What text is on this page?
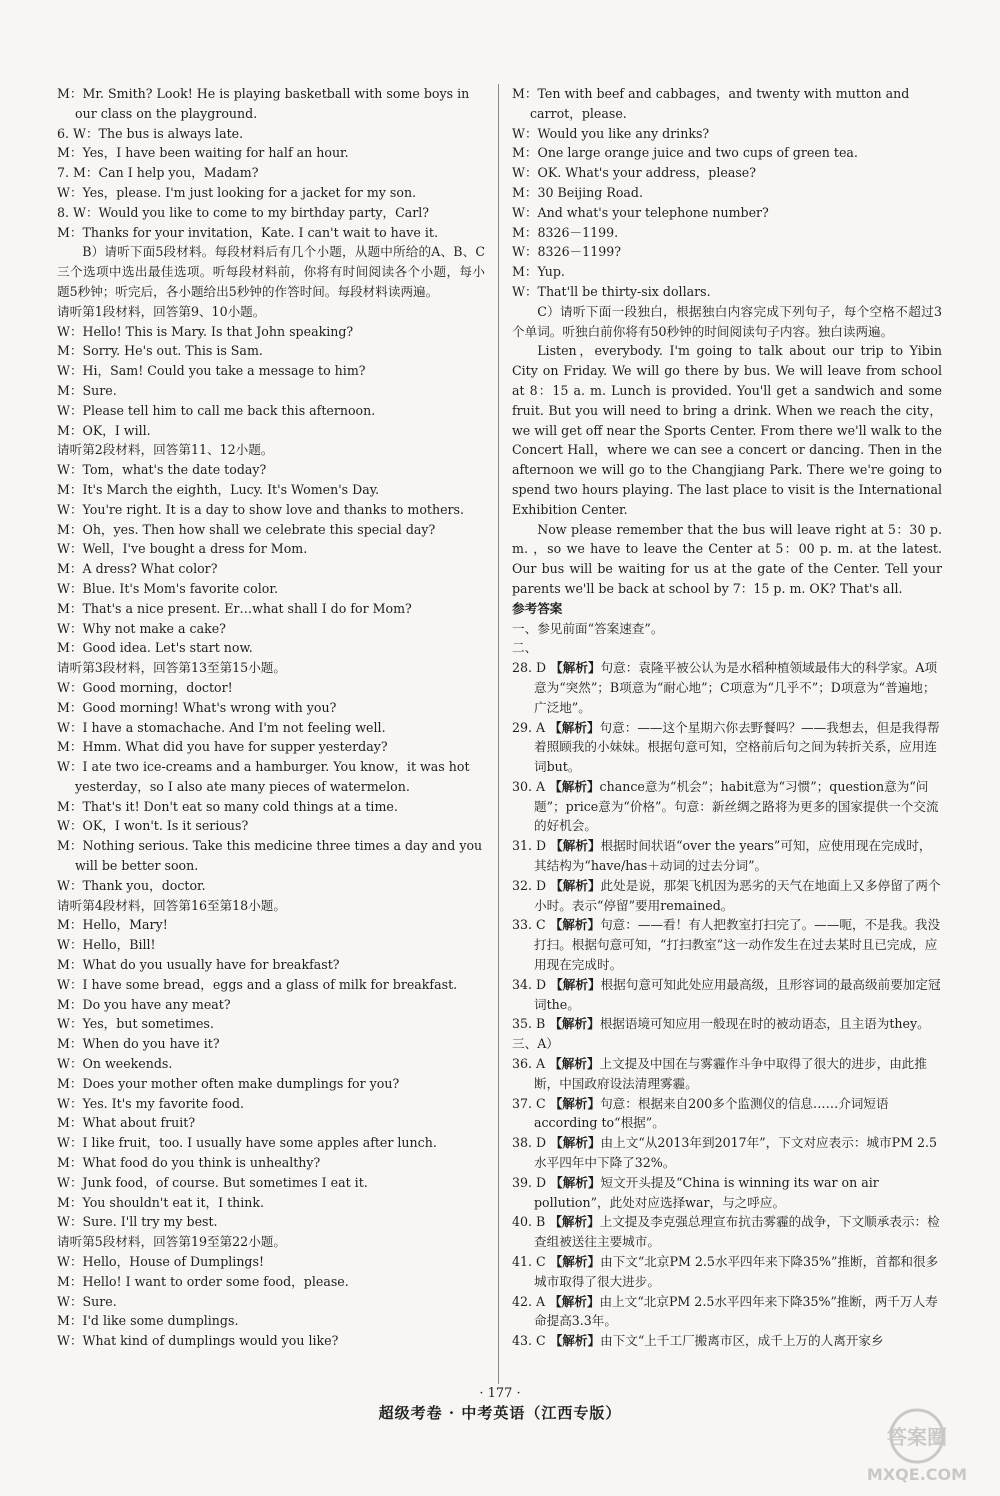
M：Mr. Smith? Look! He is playing basketball with some boys in our class on the playground.

6. W：The bus is always late.

M：Yes，I have been waiting for half an hour.

7. M：Can I help you，Madam?

W：Yes，please. I'm just looking for a jacket for my son.

8. W：Would you like to come to my birthday party，Carl?

M：Thanks for your invitation，Kate. I can't wait to have it.

B）请听下面5段材料。每段材料后有几个小题，从题中所给的A、B、C三个选项中选出最佳选项。听每段材料前，你将有时间阅读各个小题，每小题5秒钟；听完后，各小题给出5秒钟的作答时间。每段材料读两遍。

请听第1段材料，回答第9、10小题。

W：Hello! This is Mary. Is that John speaking?

M：Sorry. He's out. This is Sam.

W：Hi，Sam! Could you take a message to him?

M：Sure.

W：Please tell him to call me back this afternoon.

M：OK，I will.

请听第2段材料，回答第11、12小题。

W：Tom，what's the date today?

M：It's March the eighth，Lucy. It's Women's Day.

W：You're right. It is a day to show love and thanks to mothers.

M：Oh，yes. Then how shall we celebrate this special day?

W：Well，I've bought a dress for Mom.

M：A dress? What color?

W：Blue. It's Mom's favorite color.

M：That's a nice present. Er…what shall I do for Mom?

W：Why not make a cake?

M：Good idea. Let's start now.

请听第3段材料，回答第13至第15小题。

W：Good morning，doctor!

M：Good morning! What's wrong with you?

W：I have a stomachache. And I'm not feeling well.

M：Hmm. What did you have for supper yesterday?

W：I ate two ice-creams and a hamburger. You know，it was hot yesterday，so I also ate many pieces of watermelon.

M：That's it! Don't eat so many cold things at a time.

W：OK，I won't. Is it serious?

M：Nothing serious. Take this medicine three times a day and you will be better soon.

W：Thank you，doctor.

请听第4段材料，回答第16至第18小题。

M：Hello，Mary!

W：Hello，Bill!

M：What do you usually have for breakfast?

W：I have some bread，eggs and a glass of milk for breakfast.

M：Do you have any meat?

W：Yes，but sometimes.

M：When do you have it?

W：On weekends.

M：Does your mother often make dumplings for you?

W：Yes. It's my favorite food.

M：What about fruit?

W：I like fruit，too. I usually have some apples after lunch.

M：What food do you think is unhealthy?

W：Junk food，of course. But sometimes I eat it.

M：You shouldn't eat it，I think.

W：Sure. I'll try my best.

请听第5段材料，回答第19至第22小题。

W：Hello，House of Dumplings!

M：Hello! I want to order some food，please.

W：Sure.

M：I'd like some dumplings.

W：What kind of dumplings would you like?

M：Ten with beef and cabbages，and twenty with mutton and carrot，please.

W：Would you like any drinks?

M：One large orange juice and two cups of green tea.

W：OK. What's your address，please?

M：30 Beijing Road.

W：And what's your telephone number?

M：8326－1199.

W：8326－1199?

M：Yup.

W：That'll be thirty-six dollars.

C）请听下面一段独白，根据独白内容完成下列句子，每个空格不超过3个单词。听独白前你将有50秒钟的时间阅读句子内容。独白读两遍。

Listen，everybody. I'm going to talk about our trip to Yibin City on Friday. We will go there by bus. We will leave from school at 8：15 a. m. Lunch is provided. You'll get a sandwich and some fruit. But you will need to bring a drink. When we reach the city，we will get off near the Sports Center. From there we'll walk to the Concert Hall，where we can see a concert or dancing. Then in the afternoon we will go to the Changjiang Park. There we're going to spend two hours playing. The last place to visit is the International Exhibition Center.

Now please remember that the bus will leave right at 5：30 p. m. ，so we have to leave the Center at 5：00 p. m. at the latest. Our bus will be waiting for us at the gate of the Center. Tell your parents we'll be back at school by 7：15 p. m. OK? That's all.

参考答案

一、参见前面“答案速查”。

二、

28. D 【解析】句意：袁隆平被公认为是水稻种植领域最伟大的科学家。A项意为“突然”；B项意为“耐心地”；C项意为“几乎不”；D项意为“普遍地；广泛地”。

29. A 【解析】句意：——这个星期六你去野餐吗？——我想去，但是我得帮着照顾我的小妹妹。根据句意可知，空格前后句之间为转折关系，应用连词but。

30. A 【解析】chance意为“机会”；habit意为“习惯”；question意为“问题”；price意为“价格”。句意：新丝绸之路将为更多的国家提供一个交流的好机会。

31. D 【解析】根据时间状语“over the years”可知，应使用现在完成时，其结构为“have/has＋动词的过去分词”。

32. D 【解析】此处是说，那架飞机因为恶劣的天气在地面上又多停留了两个小时。表示“停留”要用remained。

33. C 【解析】句意：——看！有人把教室打扫完了。——呃，不是我。我没打扫。根据句意可知，“打扫教室”这一动作发生在过去某时且已完成，应用现在完成时。

34. D 【解析】根据句意可知此处应用最高级，且形容词的最高级前要加定冠词the。

35. B 【解析】根据语境可知应用一般现在时的被动语态，且主语为they。

三、A）

36. A 【解析】上文提及中国在与雾霾作斗争中取得了很大的进步，由此推断，中国政府设法清理雾霾。

37. C 【解析】句意：根据来自200多个监测仪的信息……介词短语according to“根据”。

38. D 【解析】由上文“从2013年到2017年”，下文对应表示：城市PM 2.5水平四年中下降了32%。

39. D 【解析】短文开头提及“China is winning its war on air pollution”，此处对应选择war，与之呼应。

40. B 【解析】上文提及李克强总理宣布抗击雾霾的战争，下文顺承表示：检查组被送往主要城市。

41. C 【解析】由下文“北京PM 2.5水平四年来下降35%”推断，首都和很多城市取得了很大进步。

42. A 【解析】由上文“北京PM 2.5水平四年来下降35%”推断，两千万人寿命提高3.3年。

43. C 【解析】由下文“上千工厂搬离市区，成千上万的人离开家乡

· 177 ·
超级考卷 · 中考英语（江西专版）
答案圈
MXQE.COM
